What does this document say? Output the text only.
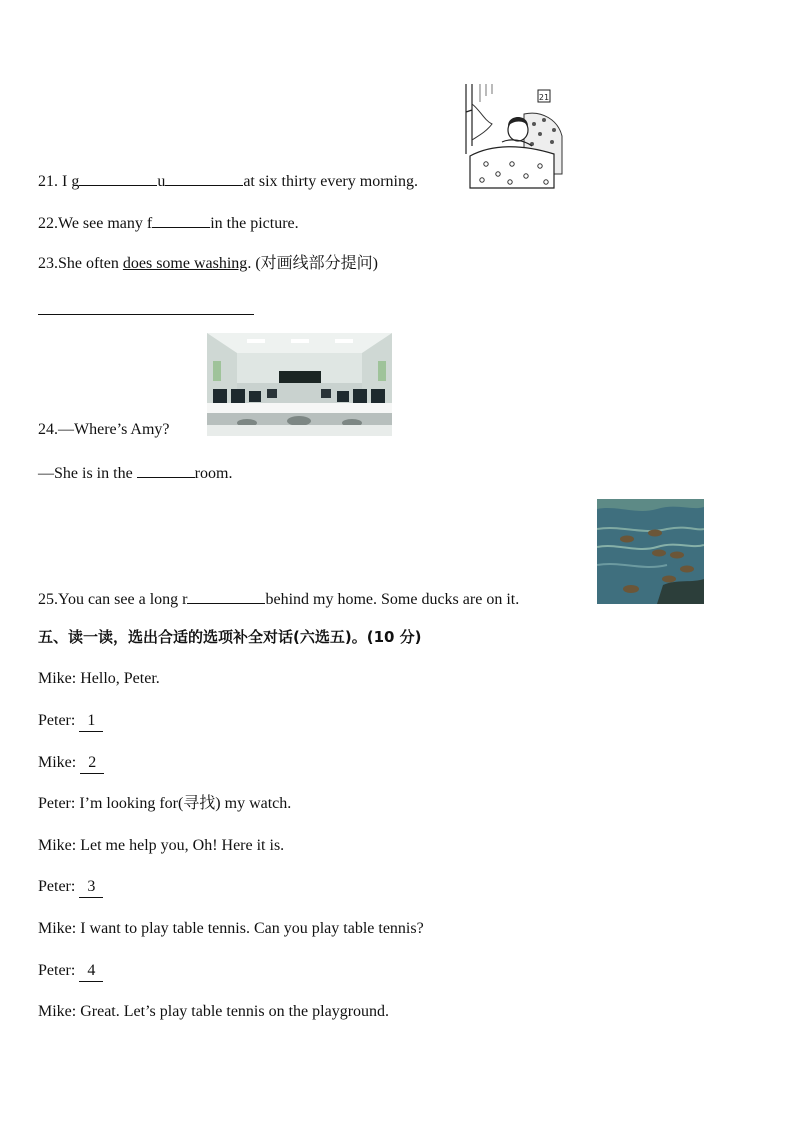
21. I g	u	at six thirty every morning.
21
22.We see many f	in the picture.
23.She often does some washing. (对画线部分提问)
24.—Where’s Amy?
—She is in the	room.
25.You can see a long r	behind my home. Some ducks are on it.
五、读一读，选出合适的选项补全对话(六选五)。(10 分)
Mike: Hello, Peter.
Peter: 1
Mike: 2
Peter: I’m looking for(寻找) my watch.
Mike: Let me help you, Oh! Here it is.
Peter: 3
Mike: I want to play table tennis. Can you play table tennis?
Peter: 4
Mike: Great. Let’s play table tennis on the playground.
